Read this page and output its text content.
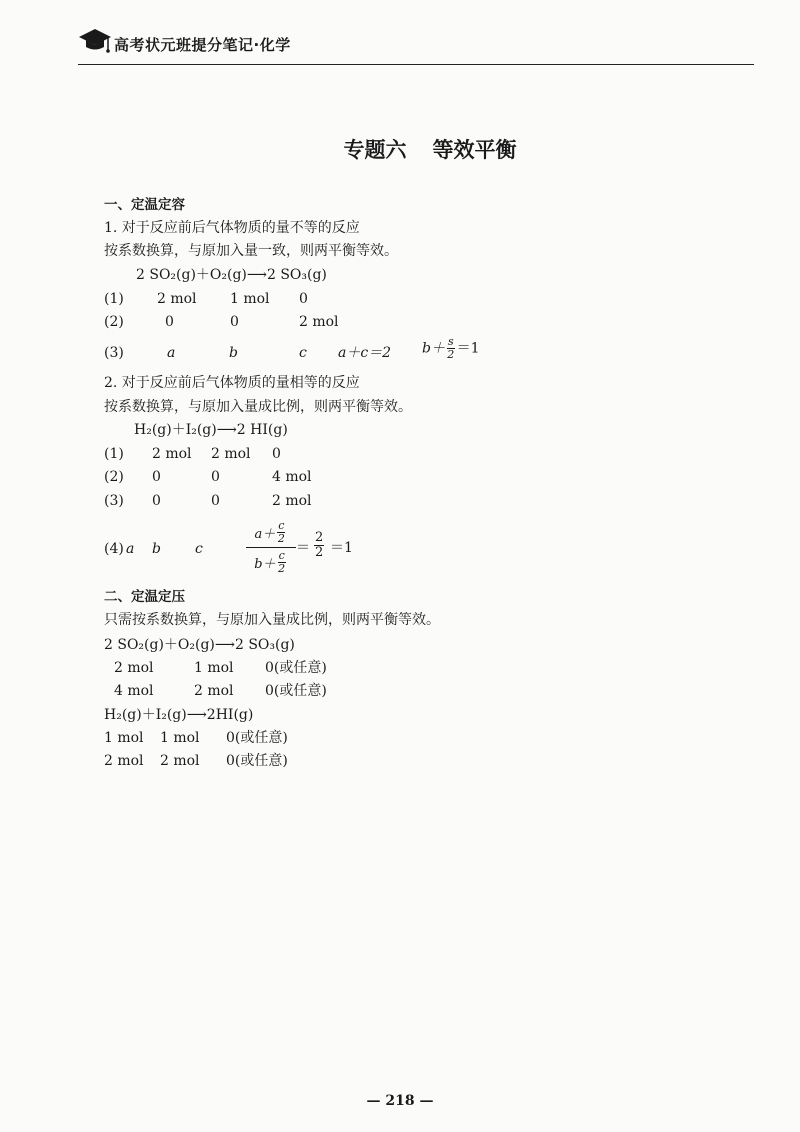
高考状元班提分笔记·化学
专题六 等效平衡
一、定温定容
1. 对于反应前后气体物质的量不等的反应
按系数换算，与原加入量一致，则两平衡等效。
2 SO₂(g)＋O₂(g)⟶2 SO₃(g)
(1) 2 mol 1 mol 0
(2)	0	0	2 mol
(3)	a	b	c a＋c＝2 $b+ \frac{s}{2} =1$
2. 对于反应前后气体物质的量相等的反应
按系数换算，与原加入量成比例，则两平衡等效。
H₂(g)＋I₂(g)⟶2 HI(g)
(1) 2 mol 2 mol 0
(2) 0	0	4 mol
(3) 0	0	2 mol
(4) a b c
$a+ \frac{c}{2}$
$b+ \frac{c}{2}$
＝ $\frac{2}{2} =1$
二、定温定压
只需按系数换算，与原加入量成比例，则两平衡等效。
2 SO₂(g)＋O₂(g)⟶2 SO₃(g)
2 mol	1 mol 0(或任意)
4 mol	2 mol 0(或任意)
H₂(g)＋I₂(g)⟶2HI(g)
1 mol 1 mol 0(或任意)
2 mol 2 mol 0(或任意)
— 218 —
